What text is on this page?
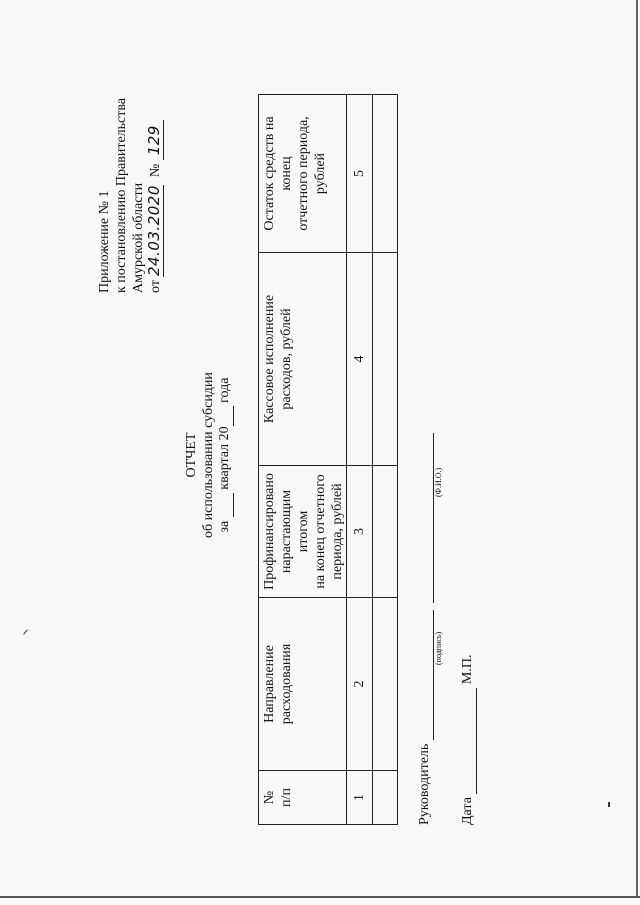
Приложение № 1 к постановлению Правительства Амурской области от 24.03.2020 № 129
ОТЧЕТ об использовании субсидии за   квартал 20  года
№ п/п	Направление расходования	Профинансировано нарастающим итогом на конец отчетного периода, рублей	Кассовое исполнение расходов, рублей	Остаток средств на конец отчетного периода, рублей

1	2	3	4	5

Руководитель
(подпись)
(Ф.И.О.)
Дата   М.П.
